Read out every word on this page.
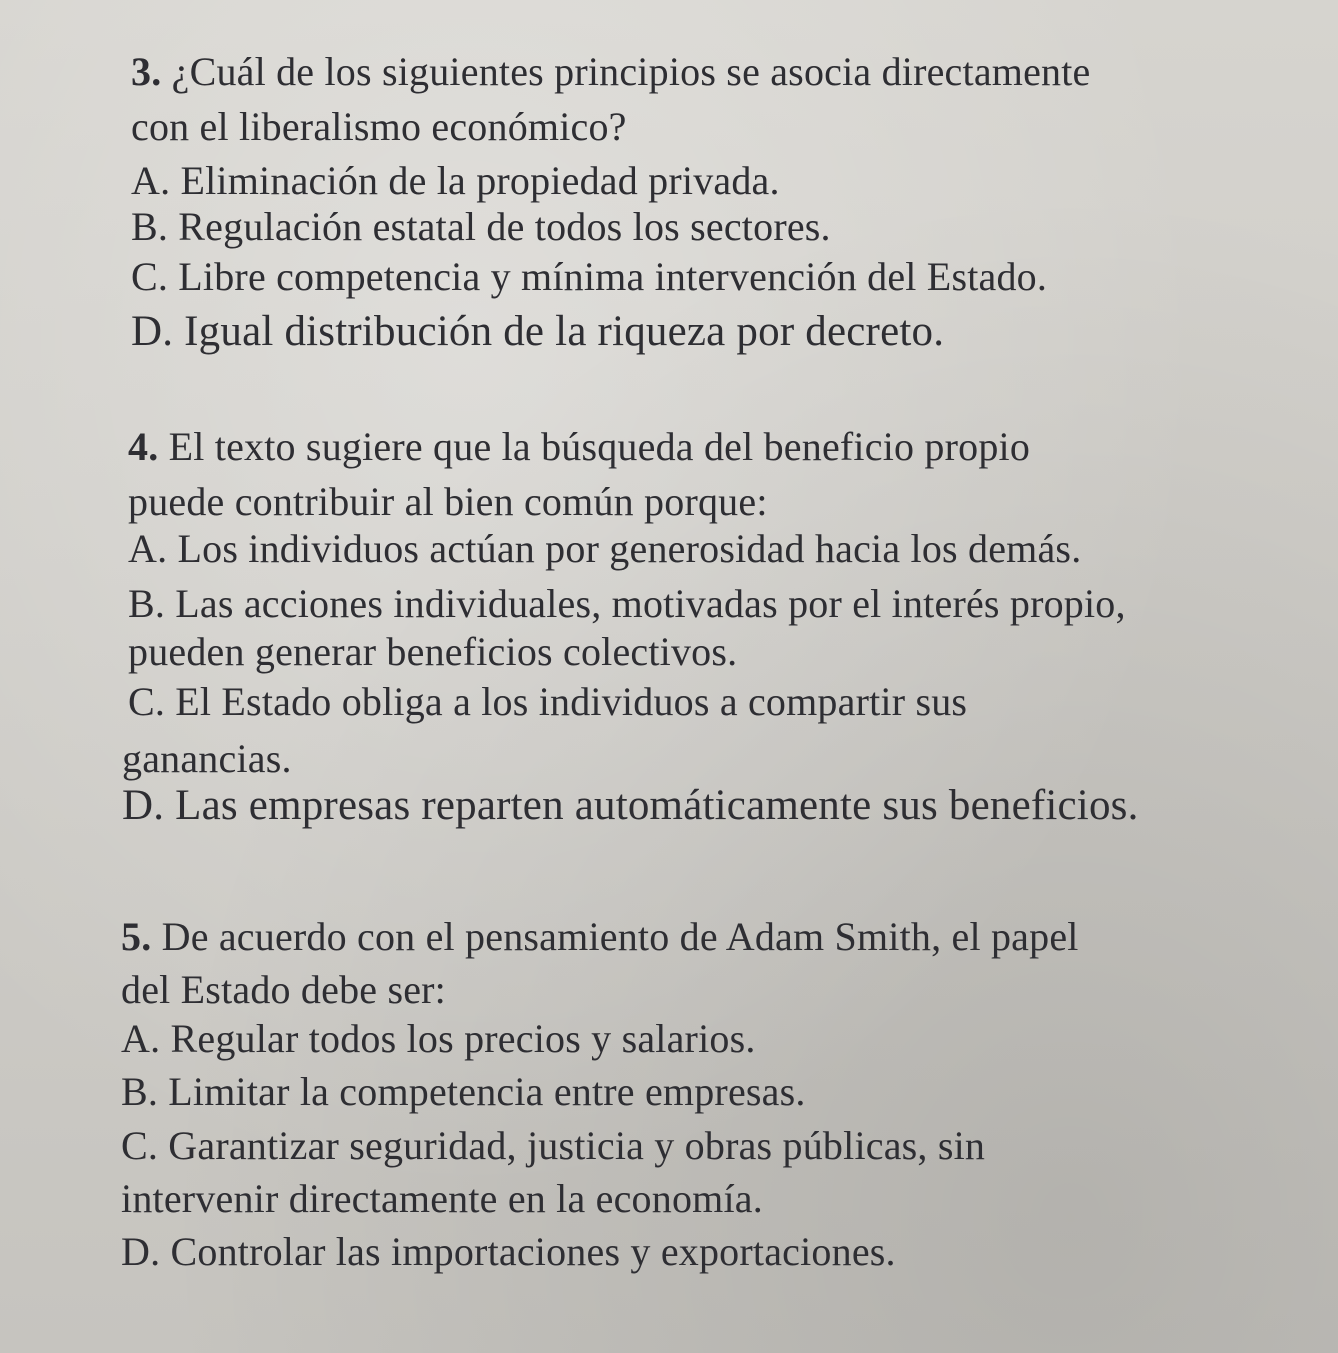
3. ¿Cuál de los siguientes principios se asocia directamente
con el liberalismo económico?
A. Eliminación de la propiedad privada.
B. Regulación estatal de todos los sectores.
C. Libre competencia y mínima intervención del Estado.
D. Igual distribución de la riqueza por decreto.
4. El texto sugiere que la búsqueda del beneficio propio
puede contribuir al bien común porque:
A. Los individuos actúan por generosidad hacia los demás.
B. Las acciones individuales, motivadas por el interés propio,
pueden generar beneficios colectivos.
C. El Estado obliga a los individuos a compartir sus
ganancias.
D. Las empresas reparten automáticamente sus beneficios.
5. De acuerdo con el pensamiento de Adam Smith, el papel
del Estado debe ser:
A. Regular todos los precios y salarios.
B. Limitar la competencia entre empresas.
C. Garantizar seguridad, justicia y obras públicas, sin
intervenir directamente en la economía.
D. Controlar las importaciones y exportaciones.
